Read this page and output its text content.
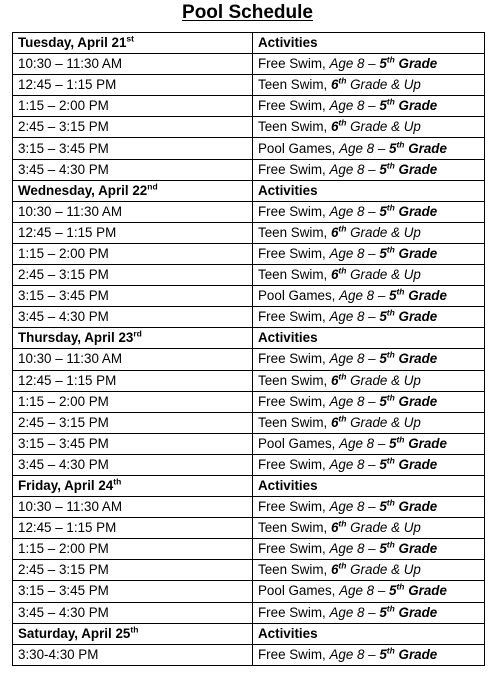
Pool Schedule
Tuesday, April 21st	Activities
10:30 – 11:30 AM	Free Swim, Age 8 – 5th Grade
12:45 – 1:15 PM	Teen Swim, 6th Grade & Up
1:15 – 2:00 PM	Free Swim, Age 8 – 5th Grade
2:45 – 3:15 PM	Teen Swim, 6th Grade & Up
3:15 – 3:45 PM	Pool Games, Age 8 – 5th Grade
3:45 – 4:30 PM	Free Swim, Age 8 – 5th Grade
Wednesday, April 22nd	Activities
10:30 – 11:30 AM	Free Swim, Age 8 – 5th Grade
12:45 – 1:15 PM	Teen Swim, 6th Grade & Up
1:15 – 2:00 PM	Free Swim, Age 8 – 5th Grade
2:45 – 3:15 PM	Teen Swim, 6th Grade & Up
3:15 – 3:45 PM	Pool Games, Age 8 – 5th Grade
3:45 – 4:30 PM	Free Swim, Age 8 – 5th Grade
Thursday, April 23rd	Activities
10:30 – 11:30 AM	Free Swim, Age 8 – 5th Grade
12:45 – 1:15 PM	Teen Swim, 6th Grade & Up
1:15 – 2:00 PM	Free Swim, Age 8 – 5th Grade
2:45 – 3:15 PM	Teen Swim, 6th Grade & Up
3:15 – 3:45 PM	Pool Games, Age 8 – 5th Grade
3:45 – 4:30 PM	Free Swim, Age 8 – 5th Grade
Friday, April 24th	Activities
10:30 – 11:30 AM	Free Swim, Age 8 – 5th Grade
12:45 – 1:15 PM	Teen Swim, 6th Grade & Up
1:15 – 2:00 PM	Free Swim, Age 8 – 5th Grade
2:45 – 3:15 PM	Teen Swim, 6th Grade & Up
3:15 – 3:45 PM	Pool Games, Age 8 – 5th Grade
3:45 – 4:30 PM	Free Swim, Age 8 – 5th Grade
Saturday, April 25th	Activities
3:30-4:30 PM	Free Swim, Age 8 – 5th Grade
